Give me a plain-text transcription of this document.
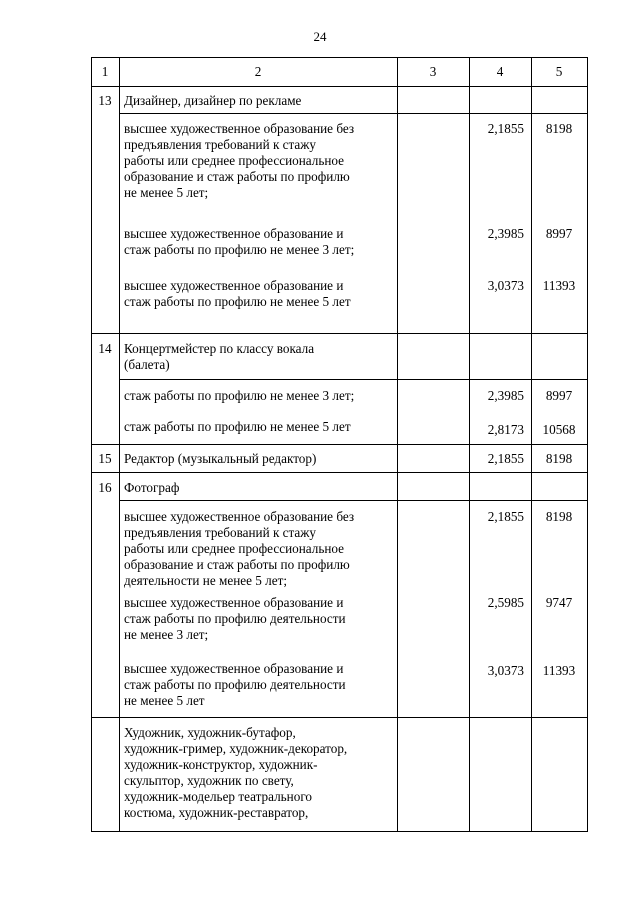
24
1	2	3	4	5
13 Дизайнер, дизайнер по рекламе
высшее художественное образование без
предъявления требований к стажу
работы или среднее профессиональное
образование и стаж работы по профилю
не менее 5 лет;
2,1855	8198
высшее художественное образование и
стаж работы по профилю не менее 3 лет;
2,3985	8997
высшее художественное образование и
стаж работы по профилю не менее 5 лет
3,0373	11393
14 Концертмейстер по классу вокала
(балета)
стаж работы по профилю не менее 3 лет;	2,3985	8997
стаж работы по профилю не менее 5 лет	2,8173	10568
15 Редактор (музыкальный редактор)	2,1855	8198
16 Фотограф
высшее художественное образование без
предъявления требований к стажу
работы или среднее профессиональное
образование и стаж работы по профилю
деятельности не менее 5 лет;
2,1855	8198
высшее художественное образование и
стаж работы по профилю деятельности
не менее 3 лет;
2,5985	9747
высшее художественное образование и
стаж работы по профилю деятельности
не менее 5 лет
3,0373	11393
Художник, художник-бутафор,
художник-гример, художник-декоратор,
художник-конструктор, художник-
скульптор, художник по свету,
художник-модельер театрального
костюма, художник-реставратор,
